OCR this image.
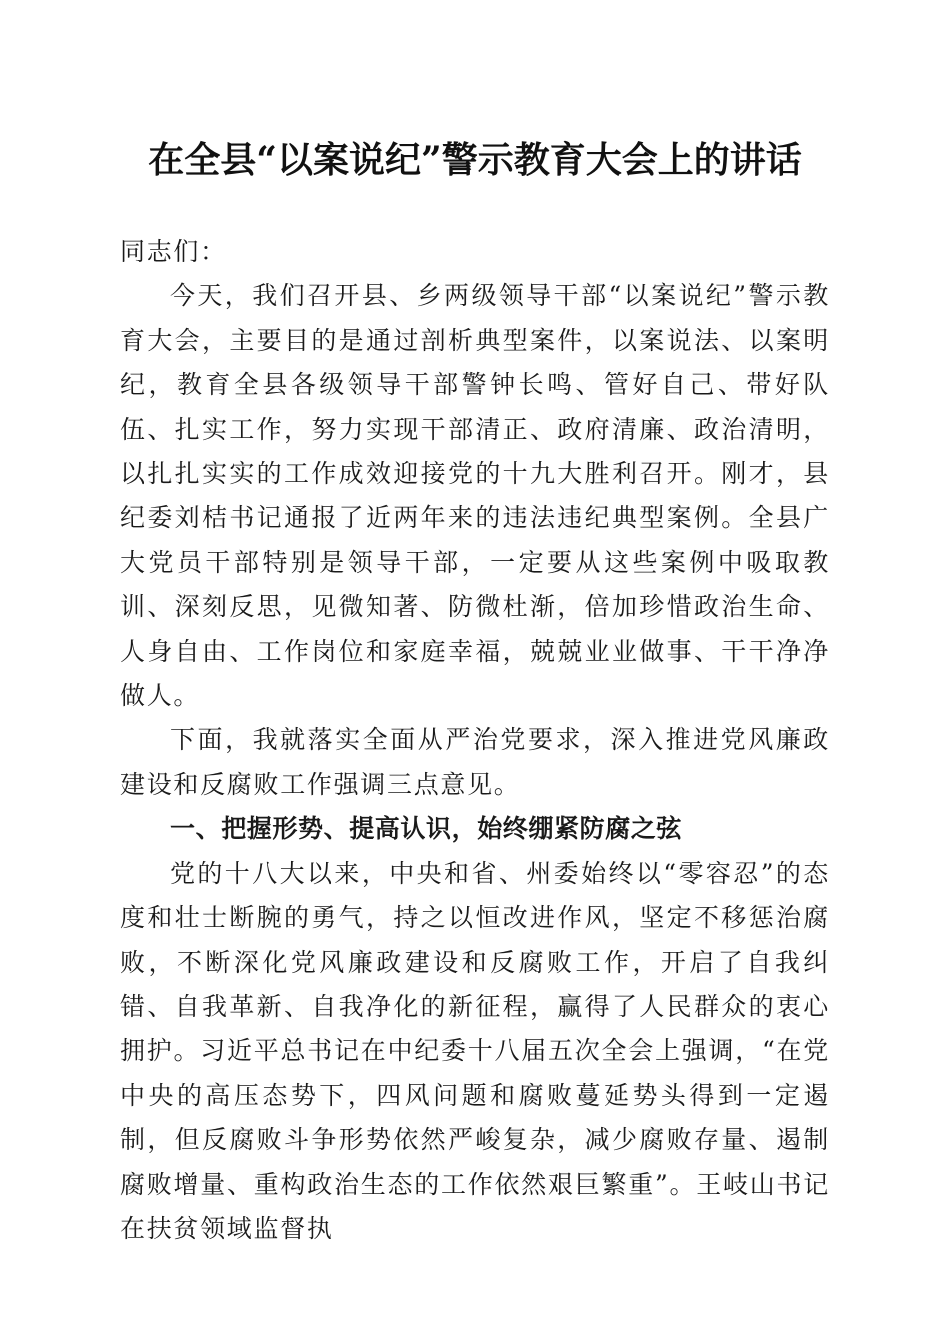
在全县“以案说纪”警示教育大会上的讲话

同志们：

今天，我们召开县、乡两级领导干部“以案说纪”警示教育大会，主要目的是通过剖析典型案件，以案说法、以案明纪，教育全县各级领导干部警钟长鸣、管好自己、带好队伍、扎实工作，努力实现干部清正、政府清廉、政治清明，以扎扎实实的工作成效迎接党的十九大胜利召开。刚才，县纪委刘桔书记通报了近两年来的违法违纪典型案例。全县广大党员干部特别是领导干部，一定要从这些案例中吸取教训、深刻反思，见微知著、防微杜渐，倍加珍惜政治生命、人身自由、工作岗位和家庭幸福，兢兢业业做事、干干净净做人。

下面，我就落实全面从严治党要求，深入推进党风廉政建设和反腐败工作强调三点意见。

一、把握形势、提高认识，始终绷紧防腐之弦

党的十八大以来，中央和省、州委始终以“零容忍”的态度和壮士断腕的勇气，持之以恒改进作风，坚定不移惩治腐败，不断深化党风廉政建设和反腐败工作，开启了自我纠错、自我革新、自我净化的新征程，赢得了人民群众的衷心拥护。习近平总书记在中纪委十八届五次全会上强调，“在党中央的高压态势下，四风问题和腐败蔓延势头得到一定遏制，但反腐败斗争形势依然严峻复杂，减少腐败存量、遏制腐败增量、重构政治生态的工作依然艰巨繁重”。王岐山书记在扶贫领域监督执
